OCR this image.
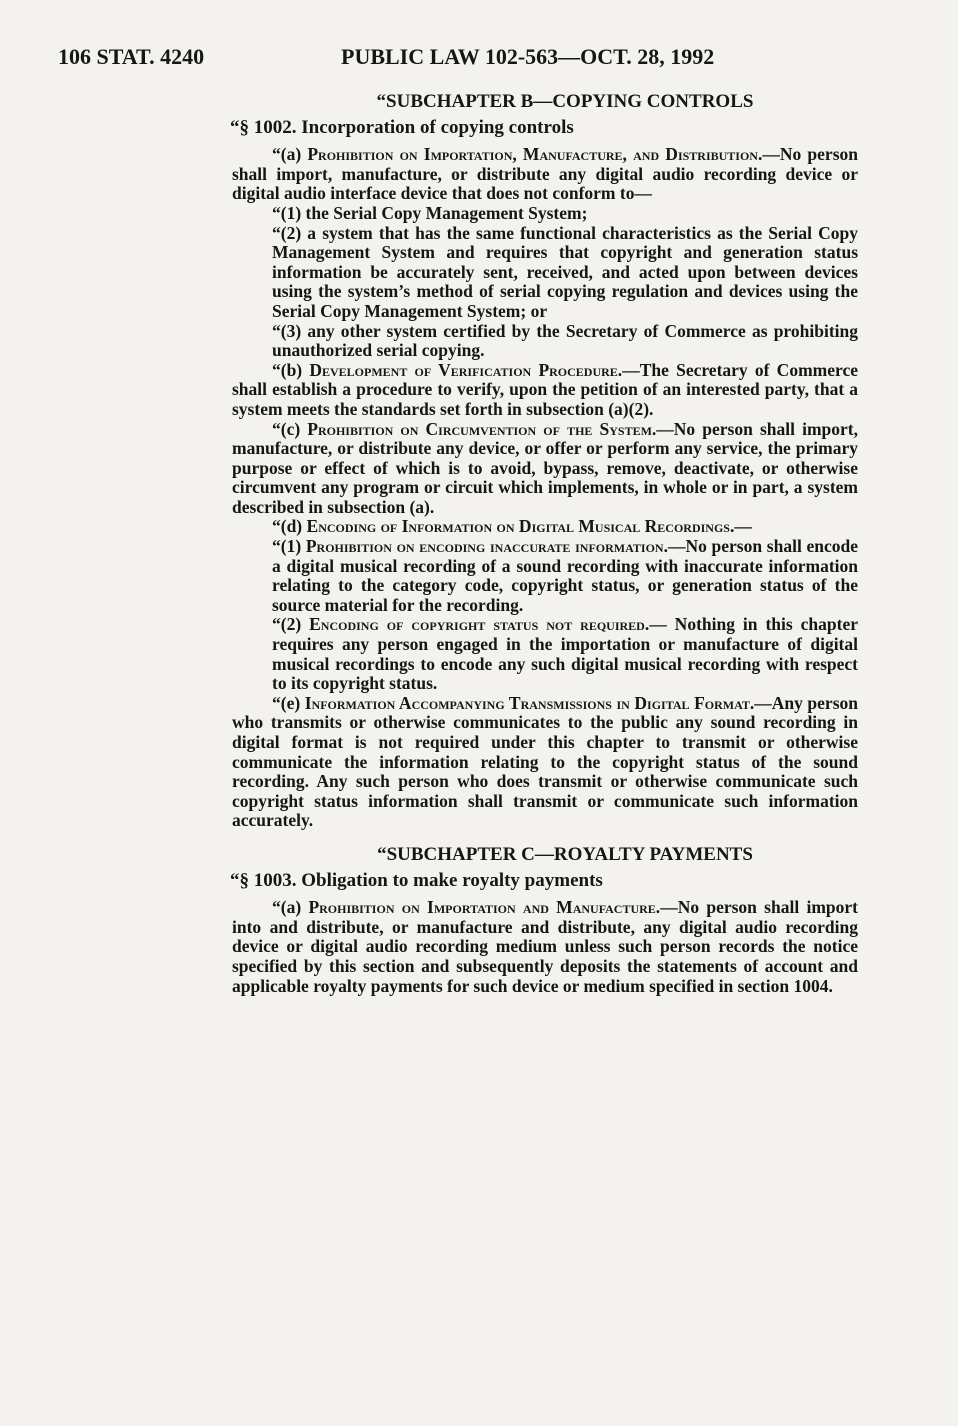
106 STAT. 4240	PUBLIC LAW 102-563—OCT. 28, 1992
“SUBCHAPTER B—COPYING CONTROLS
“§ 1002. Incorporation of copying controls

“(a) Prohibition on Importation, Manufacture, and Distribution.—No person shall import, manufacture, or distribute any digital audio recording device or digital audio interface device that does not conform to—

“(1) the Serial Copy Management System;

“(2) a system that has the same functional characteristics as the Serial Copy Management System and requires that copyright and generation status information be accurately sent, received, and acted upon between devices using the system’s method of serial copying regulation and devices using the Serial Copy Management System; or

“(3) any other system certified by the Secretary of Commerce as prohibiting unauthorized serial copying.

“(b) Development of Verification Procedure.—The Secretary of Commerce shall establish a procedure to verify, upon the petition of an interested party, that a system meets the standards set forth in subsection (a)(2).

“(c) Prohibition on Circumvention of the System.—No person shall import, manufacture, or distribute any device, or offer or perform any service, the primary purpose or effect of which is to avoid, bypass, remove, deactivate, or otherwise circumvent any program or circuit which implements, in whole or in part, a system described in subsection (a).

“(d) Encoding of Information on Digital Musical Recordings.—

“(1) Prohibition on encoding inaccurate information.—No person shall encode a digital musical recording of a sound recording with inaccurate information relating to the category code, copyright status, or generation status of the source material for the recording.

“(2) Encoding of copyright status not required.— Nothing in this chapter requires any person engaged in the importation or manufacture of digital musical recordings to encode any such digital musical recording with respect to its copyright status.

“(e) Information Accompanying Transmissions in Digital Format.—Any person who transmits or otherwise communicates to the public any sound recording in digital format is not required under this chapter to transmit or otherwise communicate the information relating to the copyright status of the sound recording. Any such person who does transmit or otherwise communicate such copyright status information shall transmit or communicate such information accurately.

“SUBCHAPTER C—ROYALTY PAYMENTS
“§ 1003. Obligation to make royalty payments

“(a) Prohibition on Importation and Manufacture.—No person shall import into and distribute, or manufacture and distribute, any digital audio recording device or digital audio recording medium unless such person records the notice specified by this section and subsequently deposits the statements of account and applicable royalty payments for such device or medium specified in section 1004.
